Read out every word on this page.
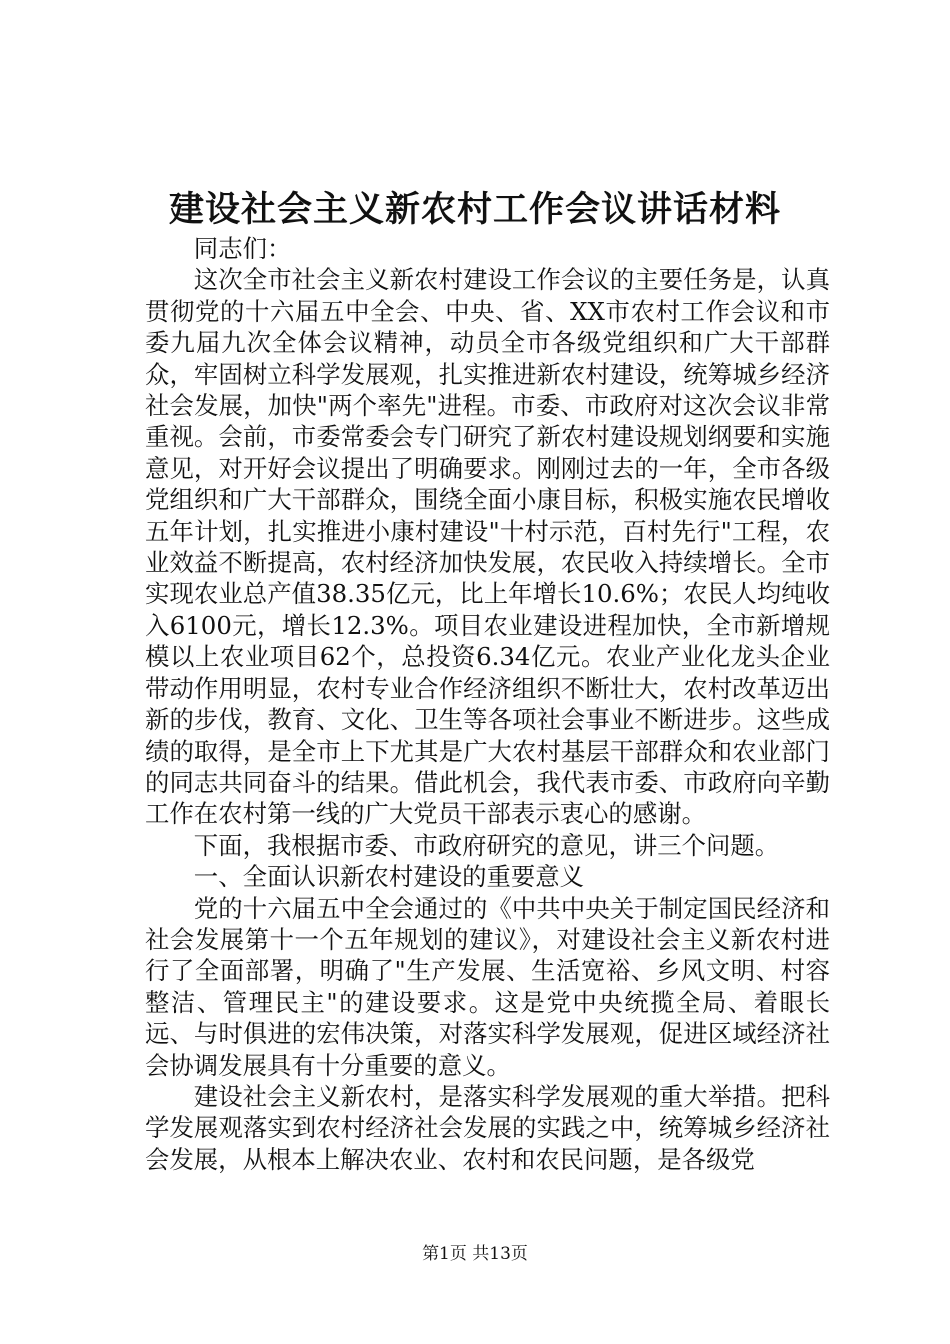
建设社会主义新农村工作会议讲话材料

同志们：

这次全市社会主义新农村建设工作会议的主要任务是，认真贯彻党的十六届五中全会、中央、省、XX市农村工作会议和市委九届九次全体会议精神，动员全市各级党组织和广大干部群众，牢固树立科学发展观，扎实推进新农村建设，统筹城乡经济社会发展，加快"两个率先"进程。市委、市政府对这次会议非常重视。会前，市委常委会专门研究了新农村建设规划纲要和实施意见，对开好会议提出了明确要求。刚刚过去的一年，全市各级党组织和广大干部群众，围绕全面小康目标，积极实施农民增收五年计划，扎实推进小康村建设"十村示范，百村先行"工程，农业效益不断提高，农村经济加快发展，农民收入持续增长。全市实现农业总产值38.35亿元，比上年增长10.6%；农民人均纯收入6100元，增长12.3%。项目农业建设进程加快，全市新增规模以上农业项目62个，总投资6.34亿元。农业产业化龙头企业带动作用明显，农村专业合作经济组织不断壮大，农村改革迈出新的步伐，教育、文化、卫生等各项社会事业不断进步。这些成绩的取得，是全市上下尤其是广大农村基层干部群众和农业部门的同志共同奋斗的结果。借此机会，我代表市委、市政府向辛勤工作在农村第一线的广大党员干部表示衷心的感谢。

下面，我根据市委、市政府研究的意见，讲三个问题。

一、全面认识新农村建设的重要意义

党的十六届五中全会通过的《中共中央关于制定国民经济和社会发展第十一个五年规划的建议》，对建设社会主义新农村进行了全面部署，明确了"生产发展、生活宽裕、乡风文明、村容整洁、管理民主"的建设要求。这是党中央统揽全局、着眼长远、与时俱进的宏伟决策，对落实科学发展观，促进区域经济社会协调发展具有十分重要的意义。

建设社会主义新农村，是落实科学发展观的重大举措。把科学发展观落实到农村经济社会发展的实践之中，统筹城乡经济社会发展，从根本上解决农业、农村和农民问题，是各级党

第1页 共13页
